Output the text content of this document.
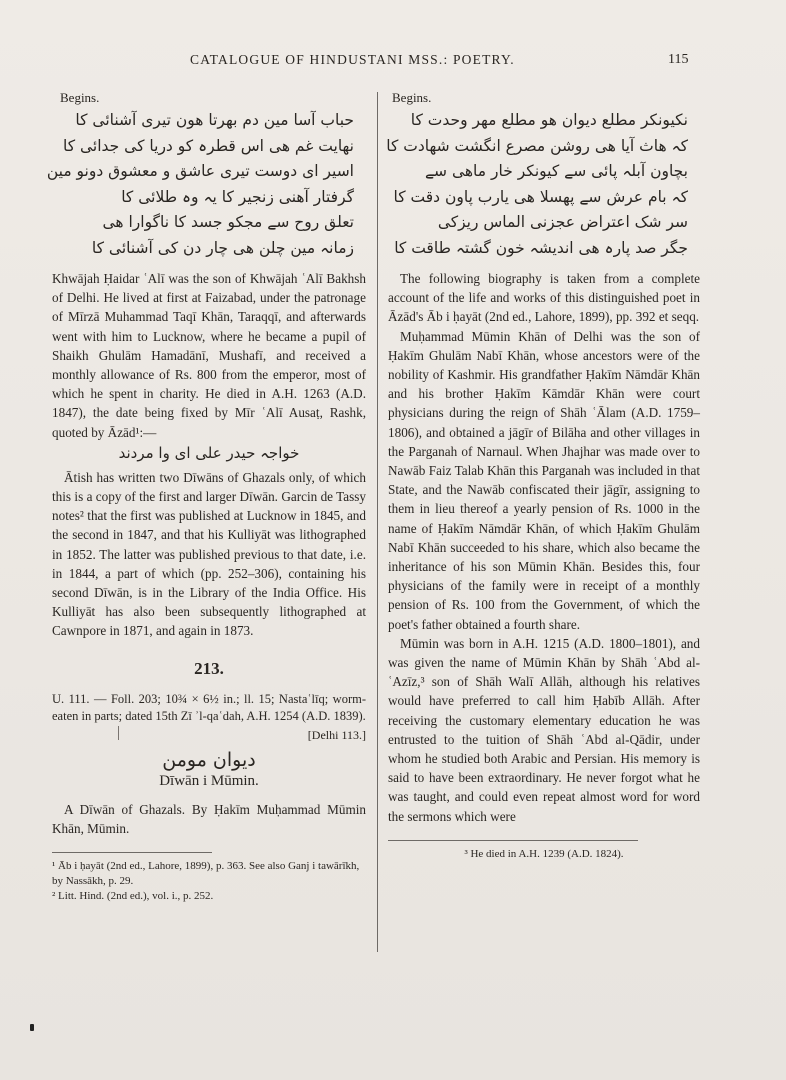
CATALOGUE OF HINDUSTANI MSS.: POETRY.	115
Begins.
حباب آسا مین دم بهرتا هون تیری آشنائی کا
نهایت غم هی اس قطرہ کو دریا کی جدائی کا
اسیر ای دوست تیری عاشق و معشوق دونو مین
گرفتار آهنی زنجیر کا یہ وہ طلائی کا
تعلق روح سے مجکو جسد کا ناگوارا هی
زمانہ مین چلن هی چار دن کی آشنائی کا

Khwājah Ḥaidar ʿAlī was the son of Khwājah ʿAlī Bakhsh of Delhi. He lived at first at Faizabad, under the patronage of Mīrzā Muhammad Taqī Khān, Taraqqī, and afterwards went with him to Lucknow, where he became a pupil of Shaikh Ghulām Hamadānī, Mushafī, and received a monthly allowance of Rs. 800 from the emperor, most of which he spent in charity. He died in A.H. 1263 (A.D. 1847), the date being fixed by Mīr ʿAlī Ausaṭ, Rashk, quoted by Āzād¹:—

خواجہ حیدر علی ای وا مردند

Ātish has written two Dīwāns of Ghazals only, of which this is a copy of the first and larger Dīwān. Garcin de Tassy notes² that the first was published at Lucknow in 1845, and the second in 1847, and that his Kulliyāt was lithographed in 1852. The latter was published previous to that date, i.e. in 1844, a part of which (pp. 252–306), containing his second Dīwān, is in the Library of the India Office. His Kulliyāt has also been subsequently lithographed at Cawnpore in 1871, and again in 1873.

213.

U. 111. — Foll. 203; 10¾ × 6½ in.; ll. 15; Nastaʿlīq; worm-eaten in parts; dated 15th Zī ʾl-qaʿdah, A.H. 1254 (A.D. 1839).

[Delhi 113.]
دیوان مومن
Dīwān i Mūmin.

A Dīwān of Ghazals. By Ḥakīm Muḥammad Mūmin Khān, Mūmin.

¹ Āb i ḥayāt (2nd ed., Lahore, 1899), p. 363. See also Ganj i tawārīkh, by Nassākh, p. 29.

² Litt. Hind. (2nd ed.), vol. i., p. 252.

Begins.
نکیونکر مطلع دیوان هو مطلع مهر وحدت کا
کہ هاث آیا هی روشن مصرع انگشت شهادت کا
بچاون آبلہ پائی سے کیونکر خار ماهی سے
کہ بام عرش سے پهسلا هی یارب پاون دقت کا
سر شک اعتراض عجزنی الماس ریزکی
جگر صد پارہ هی اندیشہ خون گشتہ طاقت کا

The following biography is taken from a complete account of the life and works of this distinguished poet in Āzād's Āb i ḥayāt (2nd ed., Lahore, 1899), pp. 392 et seqq.

Muḥammad Mūmin Khān of Delhi was the son of Ḥakīm Ghulām Nabī Khān, whose ancestors were of the nobility of Kashmir. His grandfather Ḥakīm Nāmdār Khān and his brother Ḥakīm Kāmdār Khān were court physicians during the reign of Shāh ʿĀlam (A.D. 1759–1806), and obtained a jāgīr of Bilāha and other villages in the Parganah of Narnaul. When Jhajhar was made over to Nawāb Faiz Talab Khān this Parganah was included in that State, and the Nawāb confiscated their jāgīr, assigning to them in lieu thereof a yearly pension of Rs. 1000 in the name of Ḥakīm Nāmdār Khān, of which Ḥakīm Ghulām Nabī Khān succeeded to his share, which also became the inheritance of his son Mūmin Khān. Besides this, four physicians of the family were in receipt of a monthly pension of Rs. 100 from the Government, of which the poet's father obtained a fourth share.

Mūmin was born in A.H. 1215 (A.D. 1800–1801), and was given the name of Mūmin Khān by Shāh ʿAbd al-ʿAzīz,³ son of Shāh Walī Allāh, although his relatives would have preferred to call him Ḥabīb Allāh. After receiving the customary elementary education he was entrusted to the tuition of Shāh ʿAbd al-Qādir, under whom he studied both Arabic and Persian. His memory is said to have been extraordinary. He never forgot what he was taught, and could even repeat almost word for word the sermons which were

³ He died in A.H. 1239 (A.D. 1824).
